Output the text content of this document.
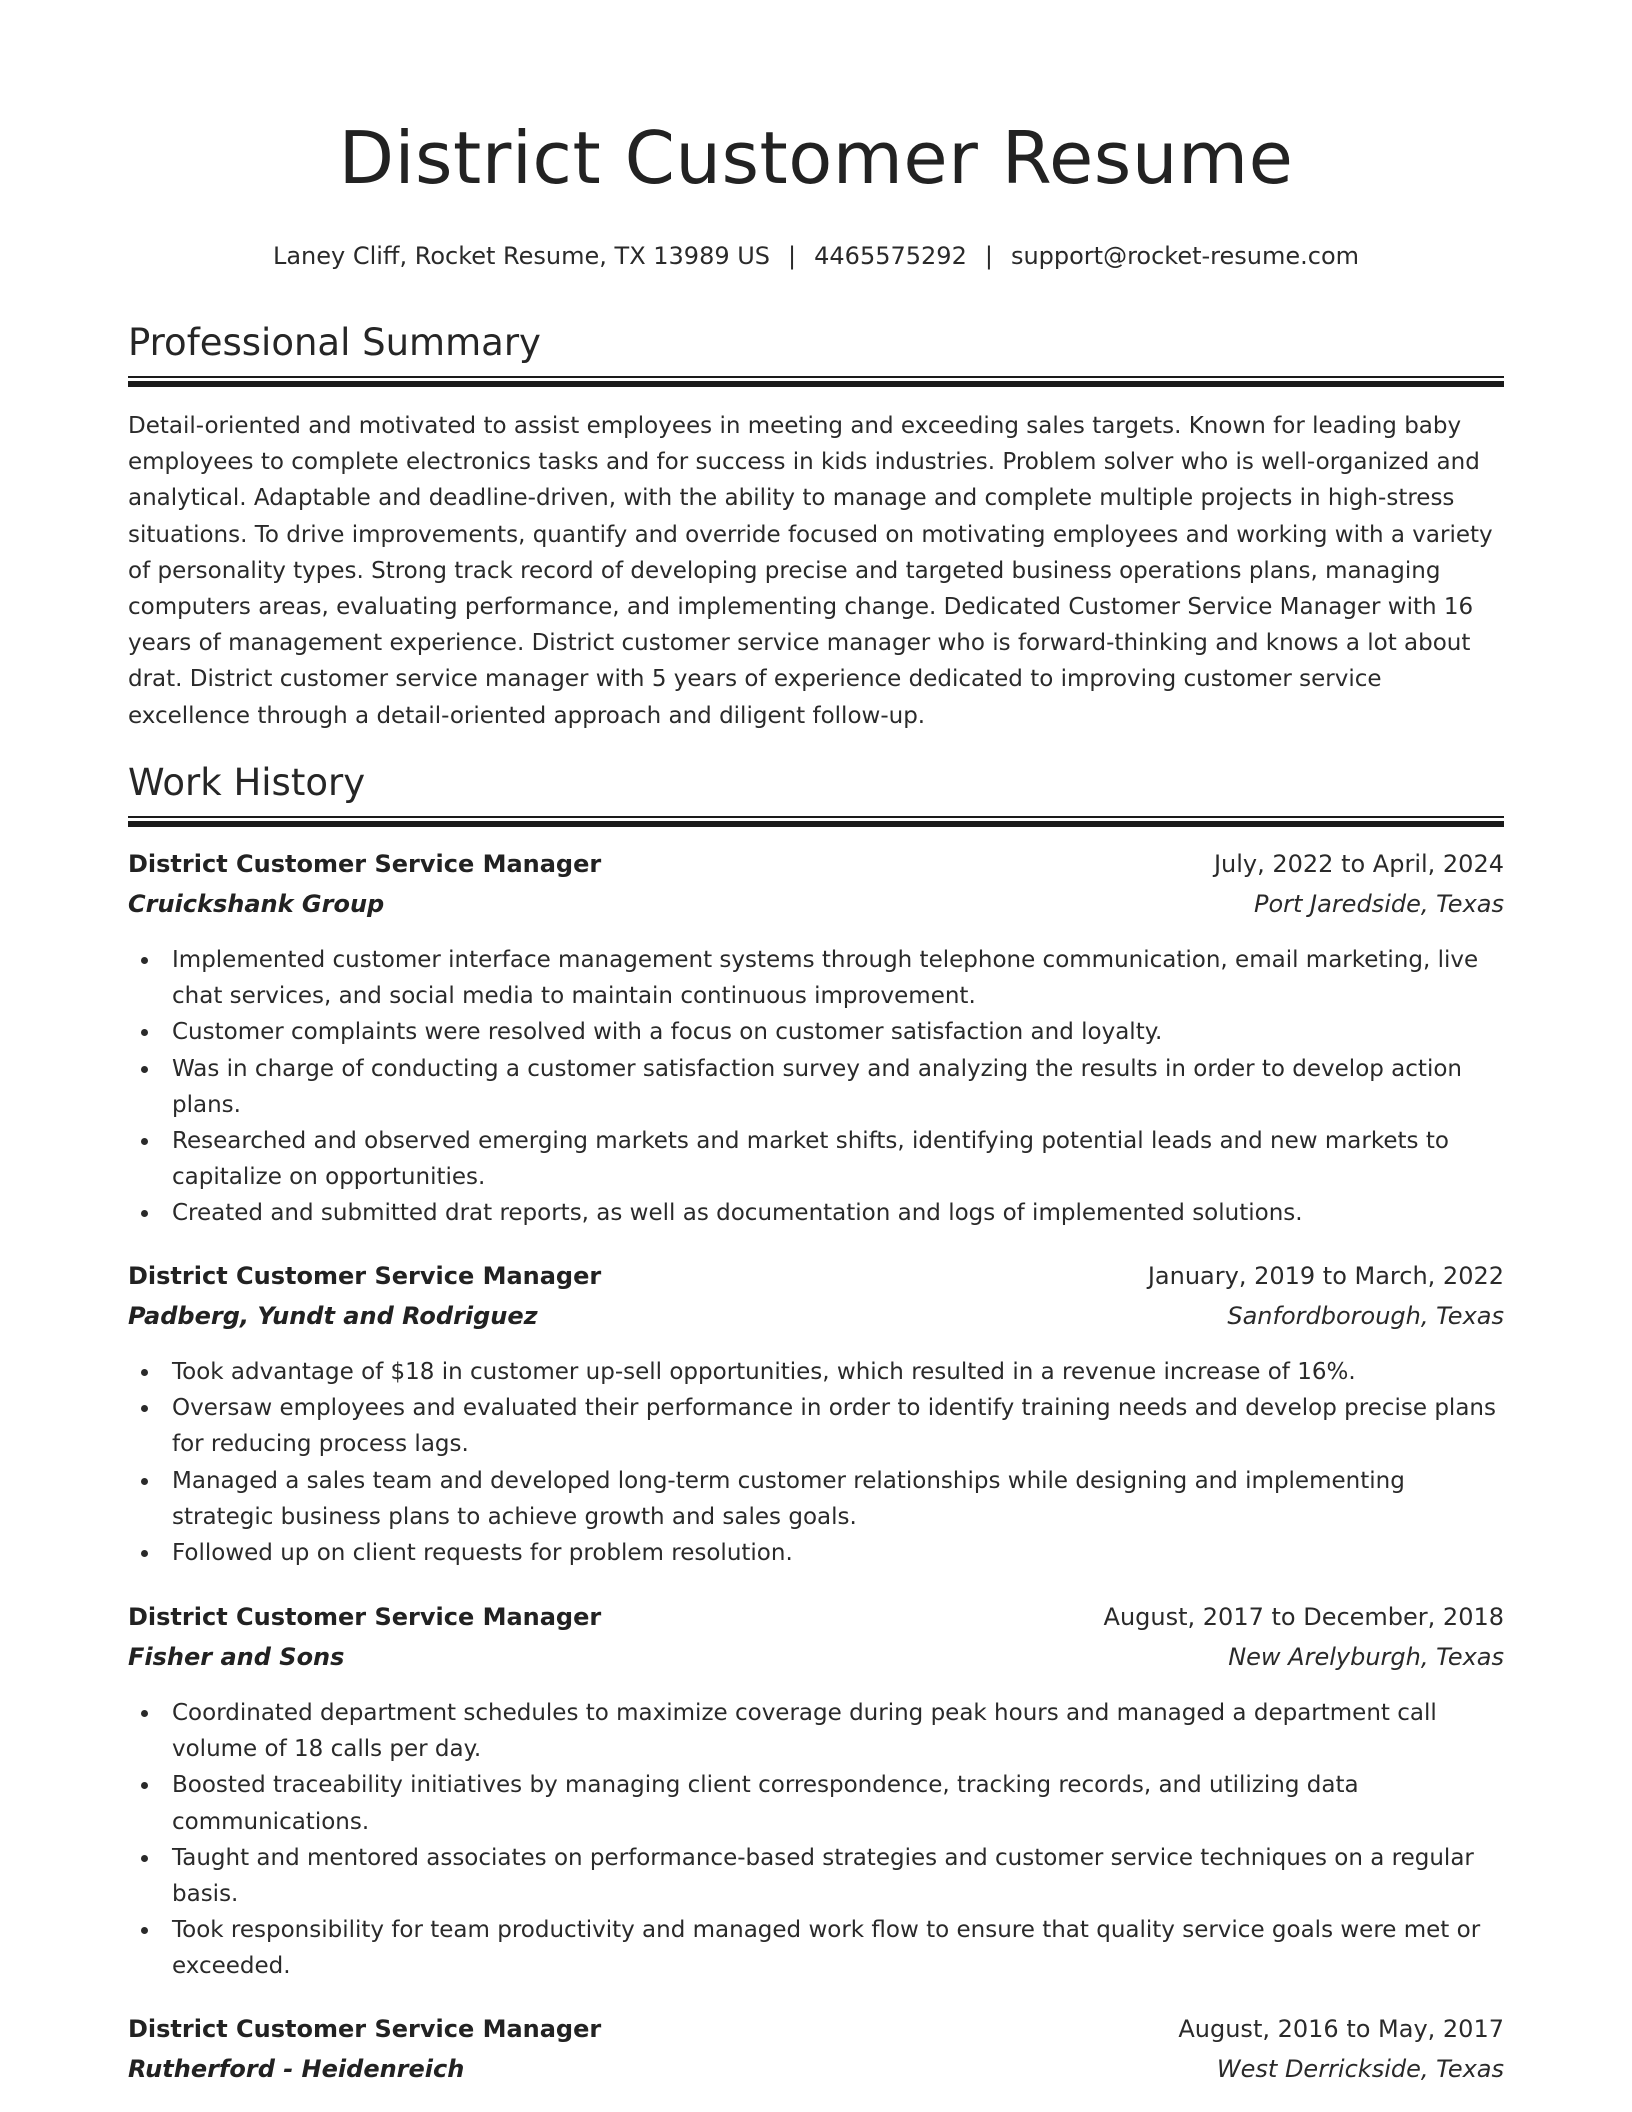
District Customer Resume
Laney Cliff, Rocket Resume, TX 13989 US | 4465575292 | support@rocket-resume.com
Professional Summary

Detail-oriented and motivated to assist employees in meeting and exceeding sales targets. Known for leading baby employees to complete electronics tasks and for success in kids industries. Problem solver who is well-organized and analytical. Adaptable and deadline-driven, with the ability to manage and complete multiple projects in high-stress situations. To drive improvements, quantify and override focused on motivating employees and working with a variety of personality types. Strong track record of developing precise and targeted business operations plans, managing computers areas, evaluating performance, and implementing change. Dedicated Customer Service Manager with 16 years of management experience. District customer service manager who is forward-thinking and knows a lot about drat. District customer service manager with 5 years of experience dedicated to improving customer service excellence through a detail-oriented approach and diligent follow-up.

Work History
District Customer Service Manager	July, 2022 to April, 2024
Cruickshank Group	Port Jaredside, Texas
Implemented customer interface management systems through telephone communication, email marketing, live chat services, and social media to maintain continuous improvement.
Customer complaints were resolved with a focus on customer satisfaction and loyalty.
Was in charge of conducting a customer satisfaction survey and analyzing the results in order to develop action plans.
Researched and observed emerging markets and market shifts, identifying potential leads and new markets to capitalize on opportunities.
Created and submitted drat reports, as well as documentation and logs of implemented solutions.
District Customer Service Manager	January, 2019 to March, 2022
Padberg, Yundt and Rodriguez	Sanfordborough, Texas
Took advantage of $18 in customer up-sell opportunities, which resulted in a revenue increase of 16%.
Oversaw employees and evaluated their performance in order to identify training needs and develop precise plans for reducing process lags.
Managed a sales team and developed long-term customer relationships while designing and implementing strategic business plans to achieve growth and sales goals.
Followed up on client requests for problem resolution.
District Customer Service Manager	August, 2017 to December, 2018
Fisher and Sons	New Arelyburgh, Texas
Coordinated department schedules to maximize coverage during peak hours and managed a department call volume of 18 calls per day.
Boosted traceability initiatives by managing client correspondence, tracking records, and utilizing data communications.
Taught and mentored associates on performance-based strategies and customer service techniques on a regular basis.
Took responsibility for team productivity and managed work flow to ensure that quality service goals were met or exceeded.
District Customer Service Manager	August, 2016 to May, 2017
Rutherford - Heidenreich	West Derrickside, Texas
